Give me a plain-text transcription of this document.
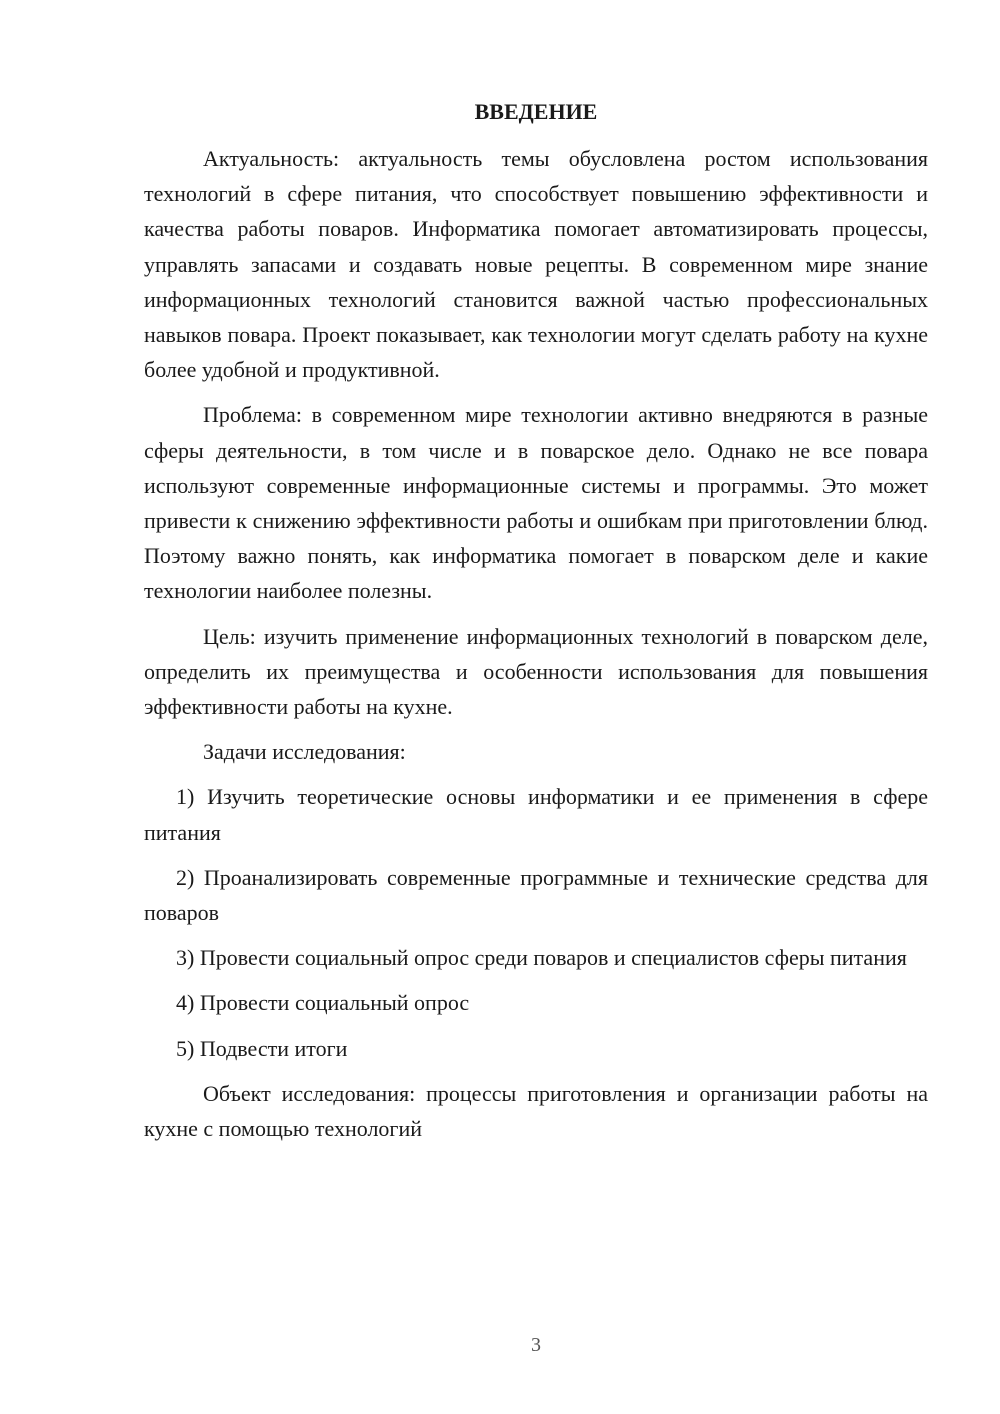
ВВЕДЕНИЕ

Актуальность: актуальность темы обусловлена ростом использования технологий в сфере питания, что способствует повышению эффективности и качества работы поваров. Информатика помогает автоматизировать процессы, управлять запасами и создавать новые рецепты. В современном мире знание информационных технологий становится важной частью профессиональных навыков повара. Проект показывает, как технологии могут сделать работу на кухне более удобной и продуктивной.

Проблема: в современном мире технологии активно внедряются в разные сферы деятельности, в том числе и в поварское дело. Однако не все повара используют современные информационные системы и программы. Это может привести к снижению эффективности работы и ошибкам при приготовлении блюд. Поэтому важно понять, как информатика помогает в поварском деле и какие технологии наиболее полезны.

Цель: изучить применение информационных технологий в поварском деле, определить их преимущества и особенности использования для повышения эффективности работы на кухне.

Задачи исследования:

1) Изучить теоретические основы информатики и ее применения в сфере питания

2) Проанализировать современные программные и технические средства для поваров

3) Провести социальный опрос среди поваров и специалистов сферы питания

4) Провести социальный опрос

5) Подвести итоги

Объект исследования: процессы приготовления и организации работы на кухне с помощью технологий

3
